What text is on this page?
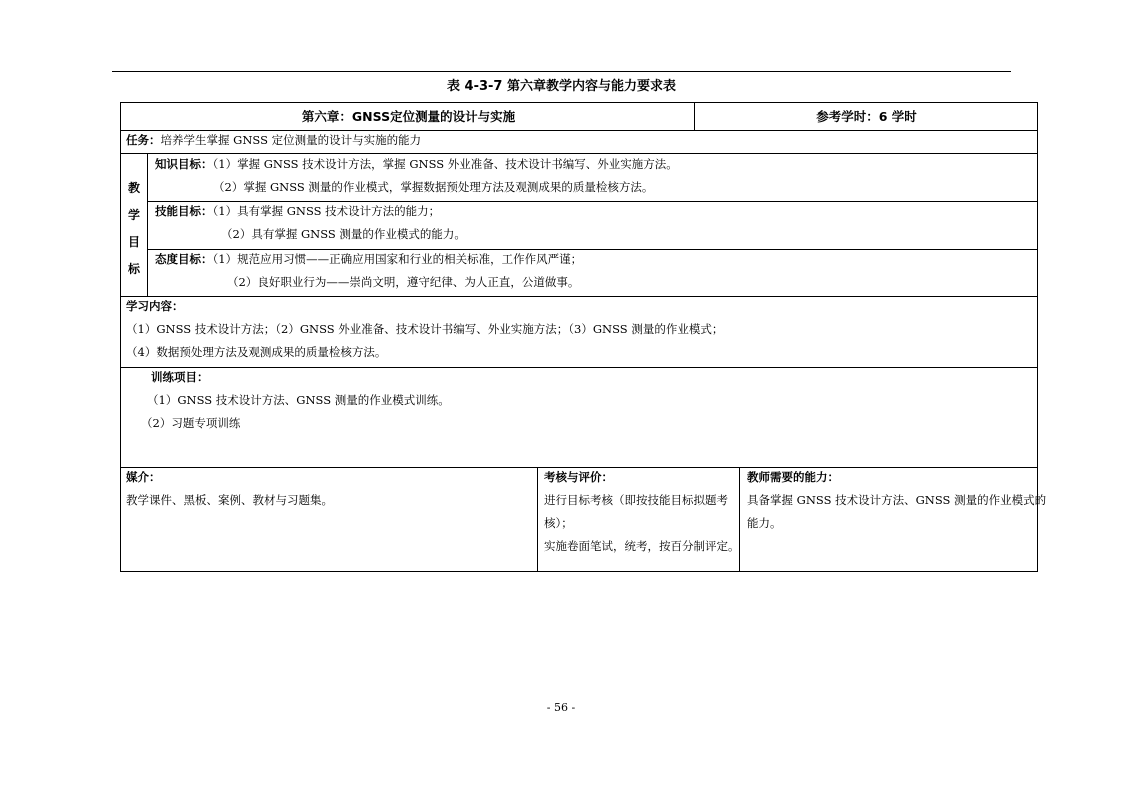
表 4-3-7 第六章教学内容与能力要求表
第六章：GNSS定位测量的设计与实施	参考学时：6 学时
任务：培养学生掌握 GNSS 定位测量的设计与实施的能力
教
学
目
标
知识目标：（1）掌握 GNSS 技术设计方法，掌握 GNSS 外业准备、技术设计书编写、外业实施方法。
（2）掌握 GNSS 测量的作业模式，掌握数据预处理方法及观测成果的质量检核方法。
技能目标：（1）具有掌握 GNSS 技术设计方法的能力；
（2）具有掌握 GNSS 测量的作业模式的能力。
态度目标：（1）规范应用习惯——正确应用国家和行业的相关标准，工作作风严谨；
（2）良好职业行为——崇尚文明，遵守纪律、为人正直，公道做事。
学习内容：
（1）GNSS 技术设计方法；（2）GNSS 外业准备、技术设计书编写、外业实施方法；（3）GNSS 测量的作业模式；
（4）数据预处理方法及观测成果的质量检核方法。
训练项目：
（1）GNSS 技术设计方法、GNSS 测量的作业模式训练。
（2）习题专项训练
媒介：
教学课件、黑板、案例、教材与习题集。
考核与评价：
进行目标考核（即按技能目标拟题考
核）；
实施卷面笔试，统考，按百分制评定。
教师需要的能力：
具备掌握 GNSS 技术设计方法、GNSS 测量的作业模式的
能力。
- 56 -
